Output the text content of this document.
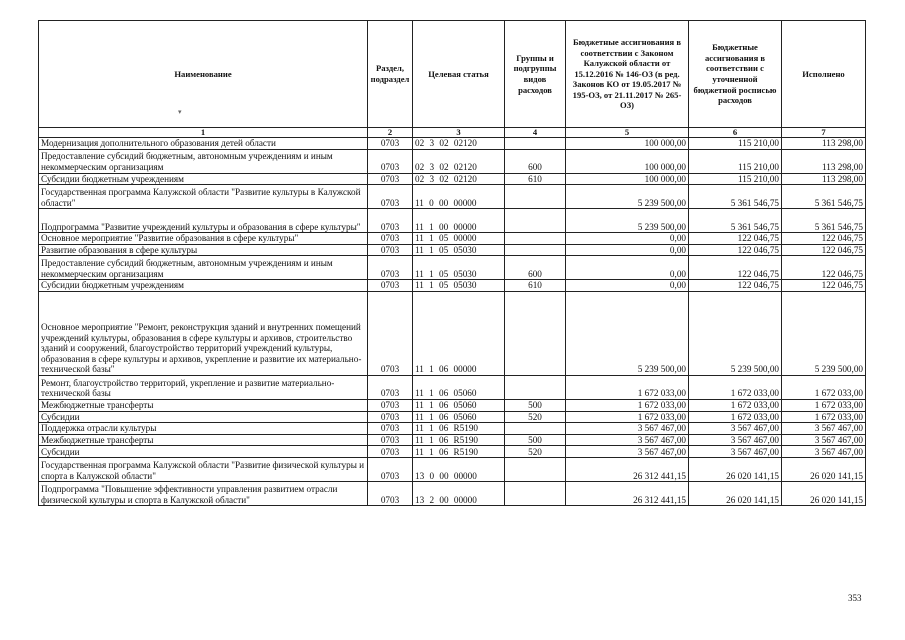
Наименование	Раздел, подраздел	Целевая статья	Группы и подгруппы видов расходов	Бюджетные ассигнования в соответствии с Законом Калужской области от 15.12.2016 № 146-ОЗ (в ред. Законов КО от 19.05.2017 № 195-ОЗ, от 21.11.2017 № 265-ОЗ)	Бюджетные ассигнования в соответствии с уточненной бюджетной росписью расходов	Исполнено
1	2	3	4	5	6	7
Модернизация дополнительного образования детей области	0703	02 3 02 02120		100 000,00	115 210,00	113 298,00
Предоставление субсидий бюджетным, автономным учреждениям и иным некоммерческим организациям	0703	02 3 02 02120	600	100 000,00	115 210,00	113 298,00
Субсидии бюджетным учреждениям	0703	02 3 02 02120	610	100 000,00	115 210,00	113 298,00
Государственная программа Калужской области "Развитие культуры в Калужской области"	0703	11 0 00 00000		5 239 500,00	5 361 546,75	5 361 546,75
Подпрограмма "Развитие учреждений культуры и образования в сфере культуры"	0703	11 1 00 00000		5 239 500,00	5 361 546,75	5 361 546,75
Основное мероприятие "Развитие образования в сфере культуры"	0703	11 1 05 00000		0,00	122 046,75	122 046,75
Развитие образования в сфере культуры	0703	11 1 05 05030		0,00	122 046,75	122 046,75
Предоставление субсидий бюджетным, автономным учреждениям и иным некоммерческим организациям	0703	11 1 05 05030	600	0,00	122 046,75	122 046,75
Субсидии бюджетным учреждениям	0703	11 1 05 05030	610	0,00	122 046,75	122 046,75
Основное мероприятие "Ремонт, реконструкция зданий и внутренних помещений учреждений культуры, образования в сфере культуры и архивов, строительство зданий и сооружений, благоустройство территорий учреждений культуры, образования в сфере культуры и архивов, укрепление и развитие их материально-технической базы"	0703	11 1 06 00000		5 239 500,00	5 239 500,00	5 239 500,00
Ремонт, благоустройство территорий, укрепление и развитие материально-технической базы	0703	11 1 06 05060		1 672 033,00	1 672 033,00	1 672 033,00
Межбюджетные трансферты	0703	11 1 06 05060	500	1 672 033,00	1 672 033,00	1 672 033,00
Субсидии	0703	11 1 06 05060	520	1 672 033,00	1 672 033,00	1 672 033,00
Поддержка отрасли культуры	0703	11 1 06 R5190		3 567 467,00	3 567 467,00	3 567 467,00
Межбюджетные трансферты	0703	11 1 06 R5190	500	3 567 467,00	3 567 467,00	3 567 467,00
Субсидии	0703	11 1 06 R5190	520	3 567 467,00	3 567 467,00	3 567 467,00
Государственная программа Калужской области "Развитие физической культуры и спорта в Калужской области"	0703	13 0 00 00000		26 312 441,15	26 020 141,15	26 020 141,15
Подпрограмма "Повышение эффективности управления развитием отрасли физической культуры и спорта в Калужской области"	0703	13 2 00 00000		26 312 441,15	26 020 141,15	26 020 141,15
▾
353
